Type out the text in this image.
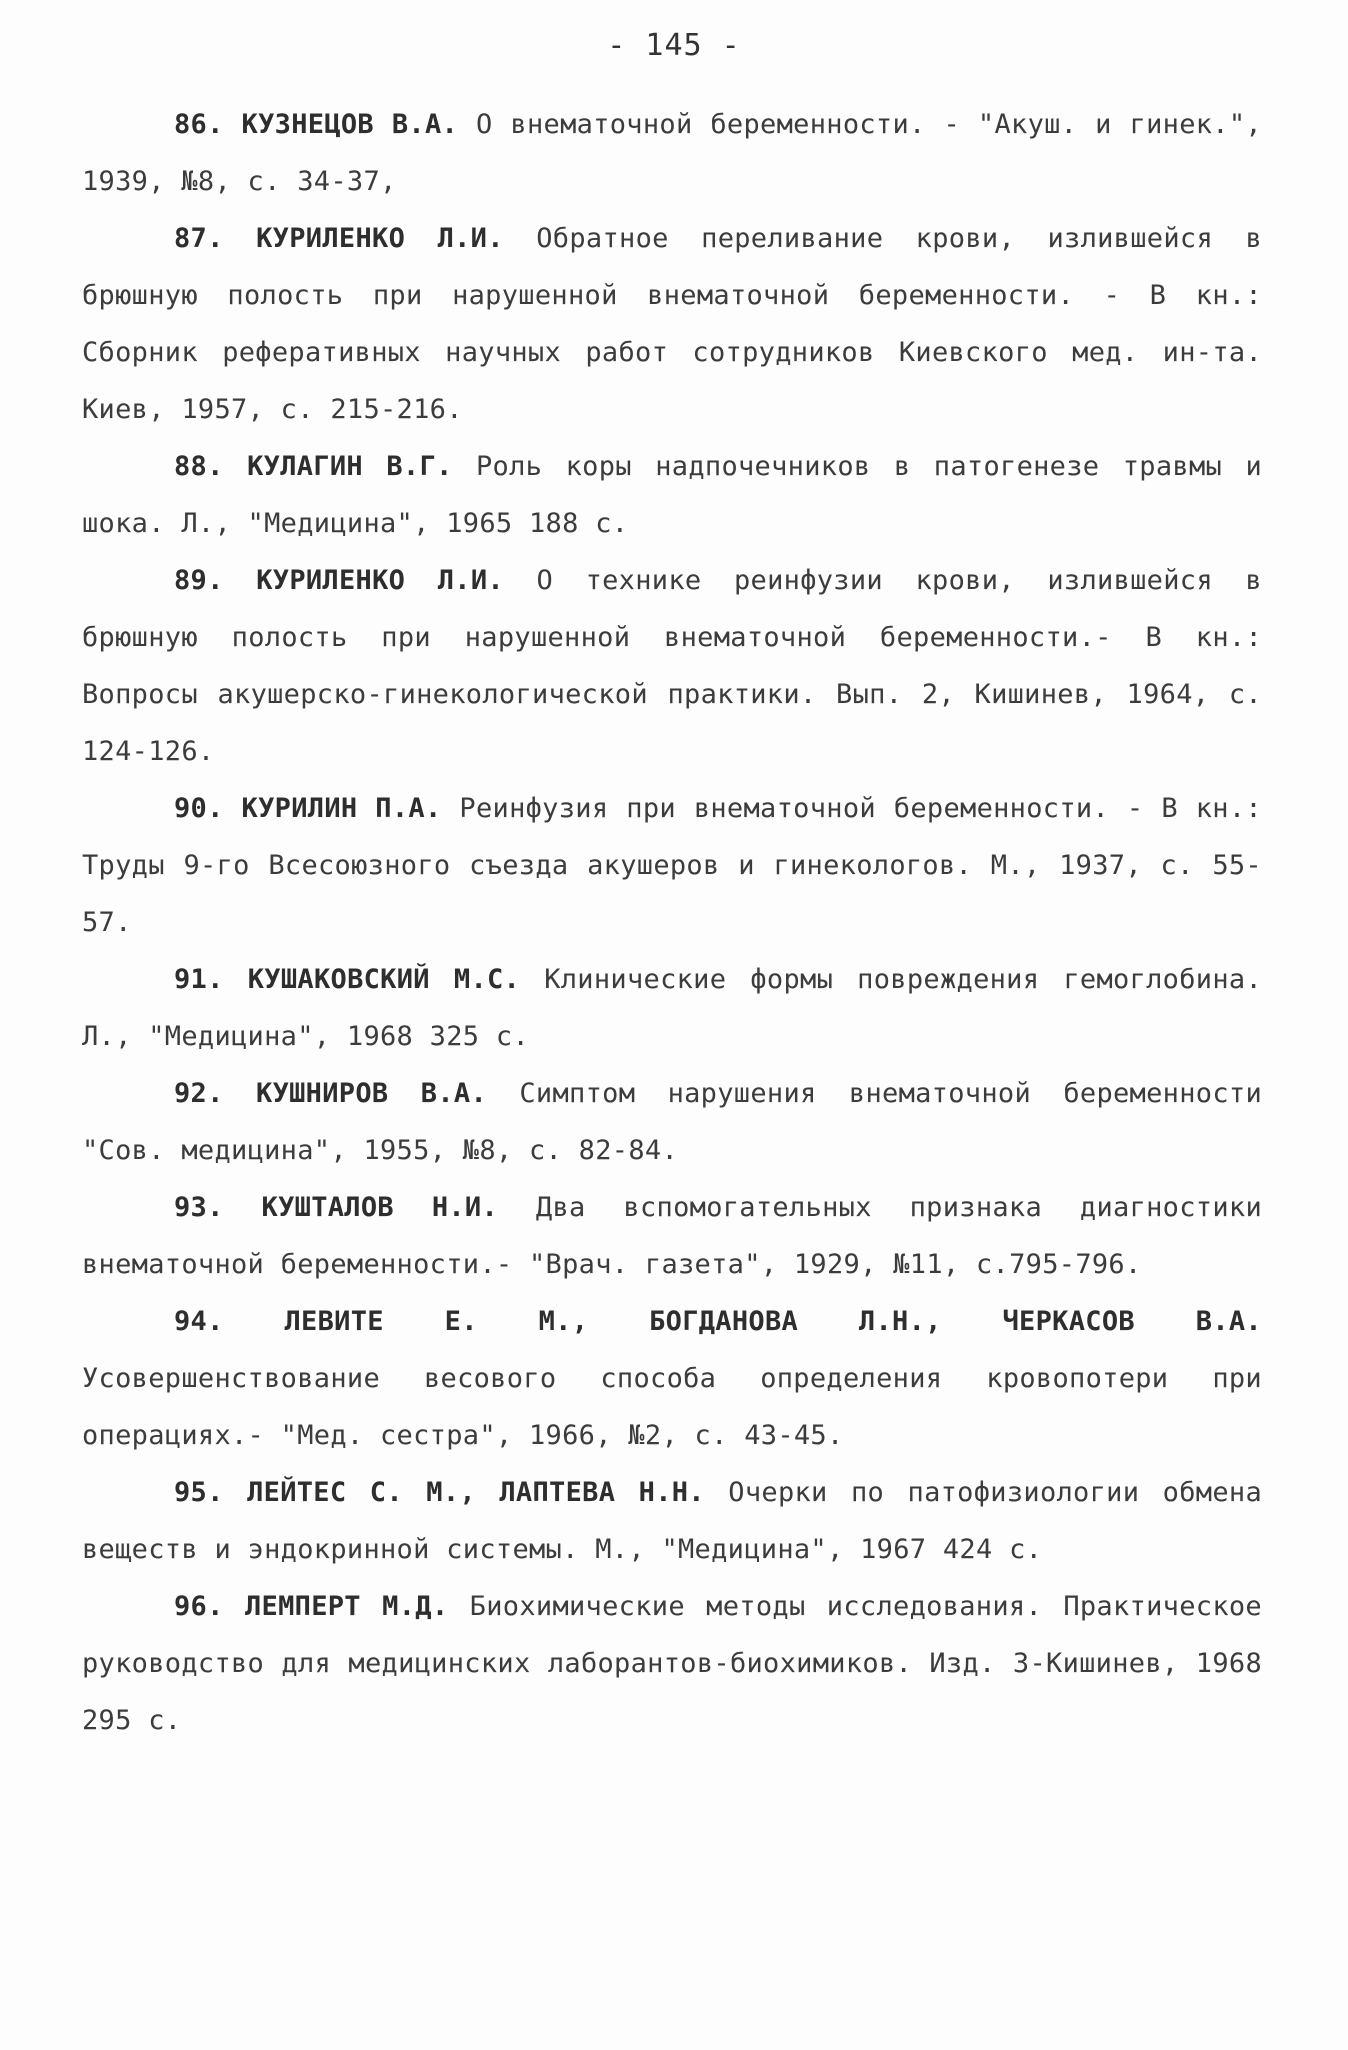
- 145 -

86. КУЗНЕЦОВ В.А. О внематочной беременности. - "Акуш. и гинек.", 1939, №8, с. 34-37,

87. КУРИЛЕНКО Л.И. Обратное переливание крови, излившейся в брюшную полость при нарушенной внематочной беременности. - В кн.: Сборник реферативных научных работ сотрудников Киевского мед. ин-та. Киев, 1957, с. 215-216.

88. КУЛАГИН В.Г. Роль коры надпочечников в патогенезе травмы и шока. Л., "Медицина", 1965 188 с.

89. КУРИЛЕНКО Л.И. О технике реинфузии крови, излившейся в брюшную полость при нарушенной внематочной беременности.- В кн.: Вопросы акушерско-гинекологической практики. Вып. 2, Кишинев, 1964, с. 124-126.

90. КУРИЛИН П.А. Реинфузия при внематочной беременности. - В кн.: Труды 9-го Всесоюзного съезда акушеров и гинекологов. М., 1937, с. 55-57.

91. КУШАКОВСКИЙ М.С. Клинические формы повреждения гемоглобина. Л., "Медицина", 1968 325 с.

92. КУШНИРОВ В.А. Симптом нарушения внематочной беременности "Сов. медицина", 1955, №8, с. 82-84.

93. КУШТАЛОВ Н.И. Два вспомогательных признака диагностики внематочной беременности.- "Врач. газета", 1929, №11, с.795-796.

94. ЛЕВИТЕ Е. М., БОГДАНОВА Л.Н., ЧЕРКАСОВ В.А. Усовершенствование весового способа определения кровопотери при операциях.- "Мед. сестра", 1966, №2, с. 43-45.

95. ЛЕЙТЕС С. М., ЛАПТЕВА Н.Н. Очерки по патофизиологии обмена веществ и эндокринной системы. М., "Медицина", 1967 424 с.

96. ЛЕМПЕРТ М.Д. Биохимические методы исследования. Практическое руководство для медицинских лаборантов-биохимиков. Изд. 3-Кишинев, 1968 295 с.
